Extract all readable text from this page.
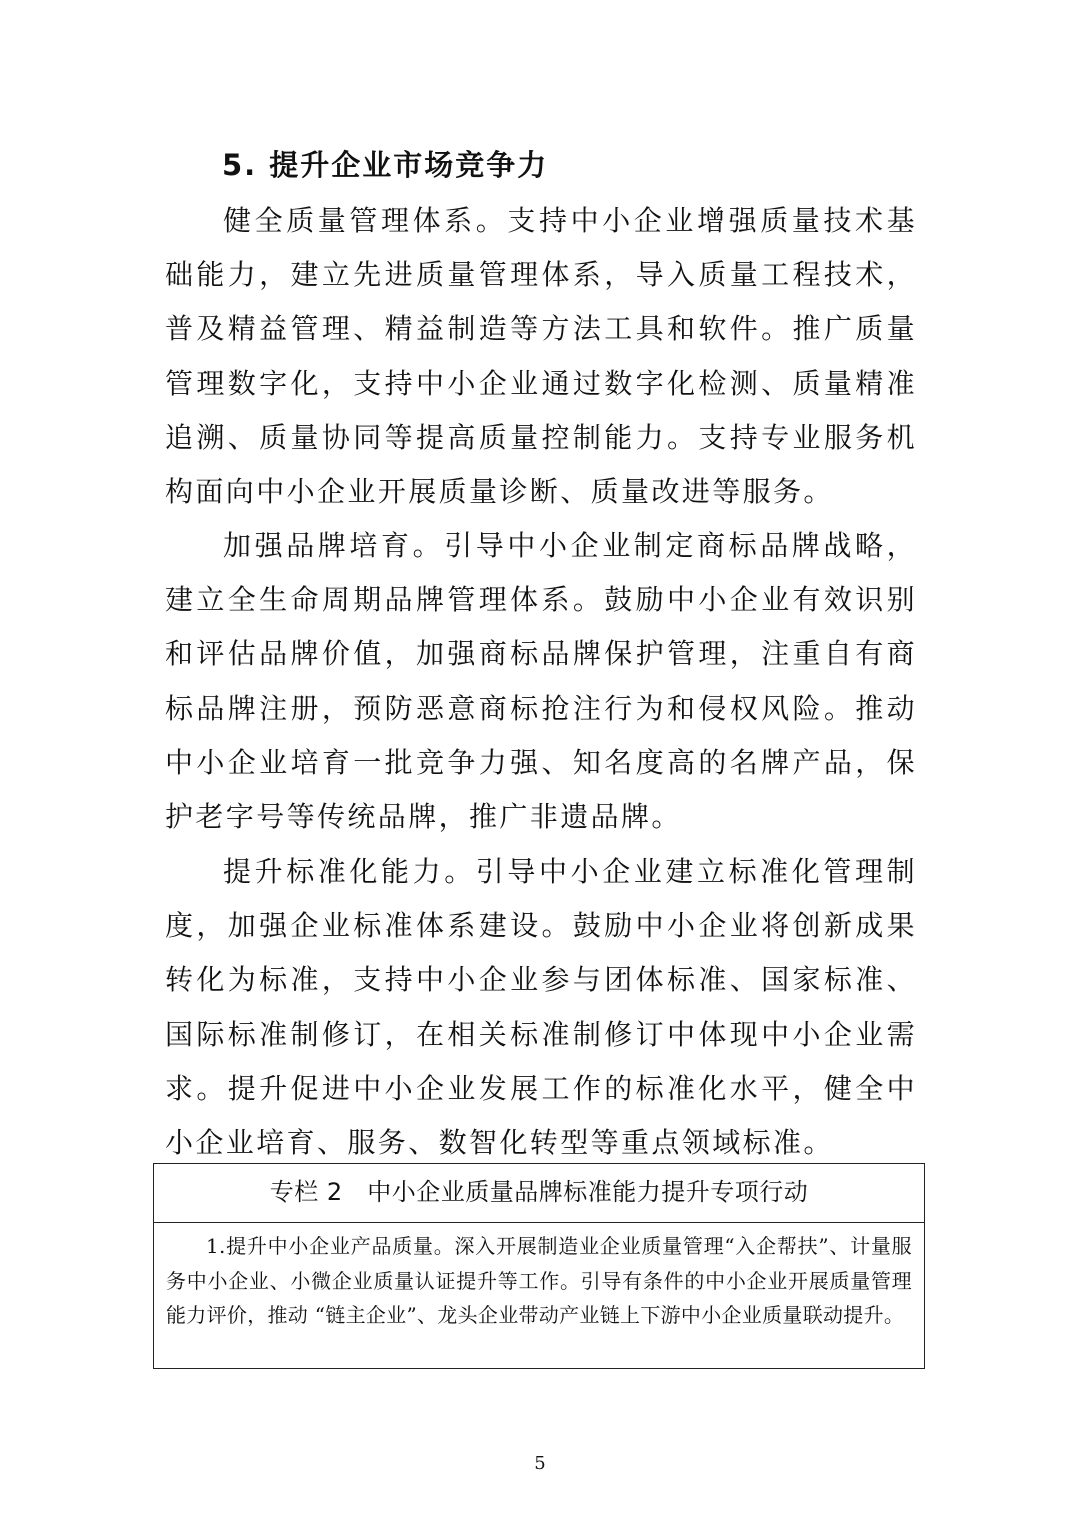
5. 提升企业市场竞争力

健全质量管理体系。支持中小企业增强质量技术基础能力，建立先进质量管理体系，导入质量工程技术，普及精益管理、精益制造等方法工具和软件。推广质量管理数字化，支持中小企业通过数字化检测、质量精准追溯、质量协同等提高质量控制能力。支持专业服务机构面向中小企业开展质量诊断、质量改进等服务。

加强品牌培育。引导中小企业制定商标品牌战略，建立全生命周期品牌管理体系。鼓励中小企业有效识别和评估品牌价值，加强商标品牌保护管理，注重自有商标品牌注册，预防恶意商标抢注行为和侵权风险。推动中小企业培育一批竞争力强、知名度高的名牌产品，保护老字号等传统品牌，推广非遗品牌。

提升标准化能力。引导中小企业建立标准化管理制度，加强企业标准体系建设。鼓励中小企业将创新成果转化为标准，支持中小企业参与团体标准、国家标准、国际标准制修订，在相关标准制修订中体现中小企业需求。提升促进中小企业发展工作的标准化水平，健全中小企业培育、服务、数智化转型等重点领域标准。

专栏 2　中小企业质量品牌标准能力提升专项行动

1.提升中小企业产品质量。深入开展制造业企业质量管理“入企帮扶”、计量服务中小企业、小微企业质量认证提升等工作。引导有条件的中小企业开展质量管理能力评价，推动 “链主企业”、龙头企业带动产业链上下游中小企业质量联动提升。

5
